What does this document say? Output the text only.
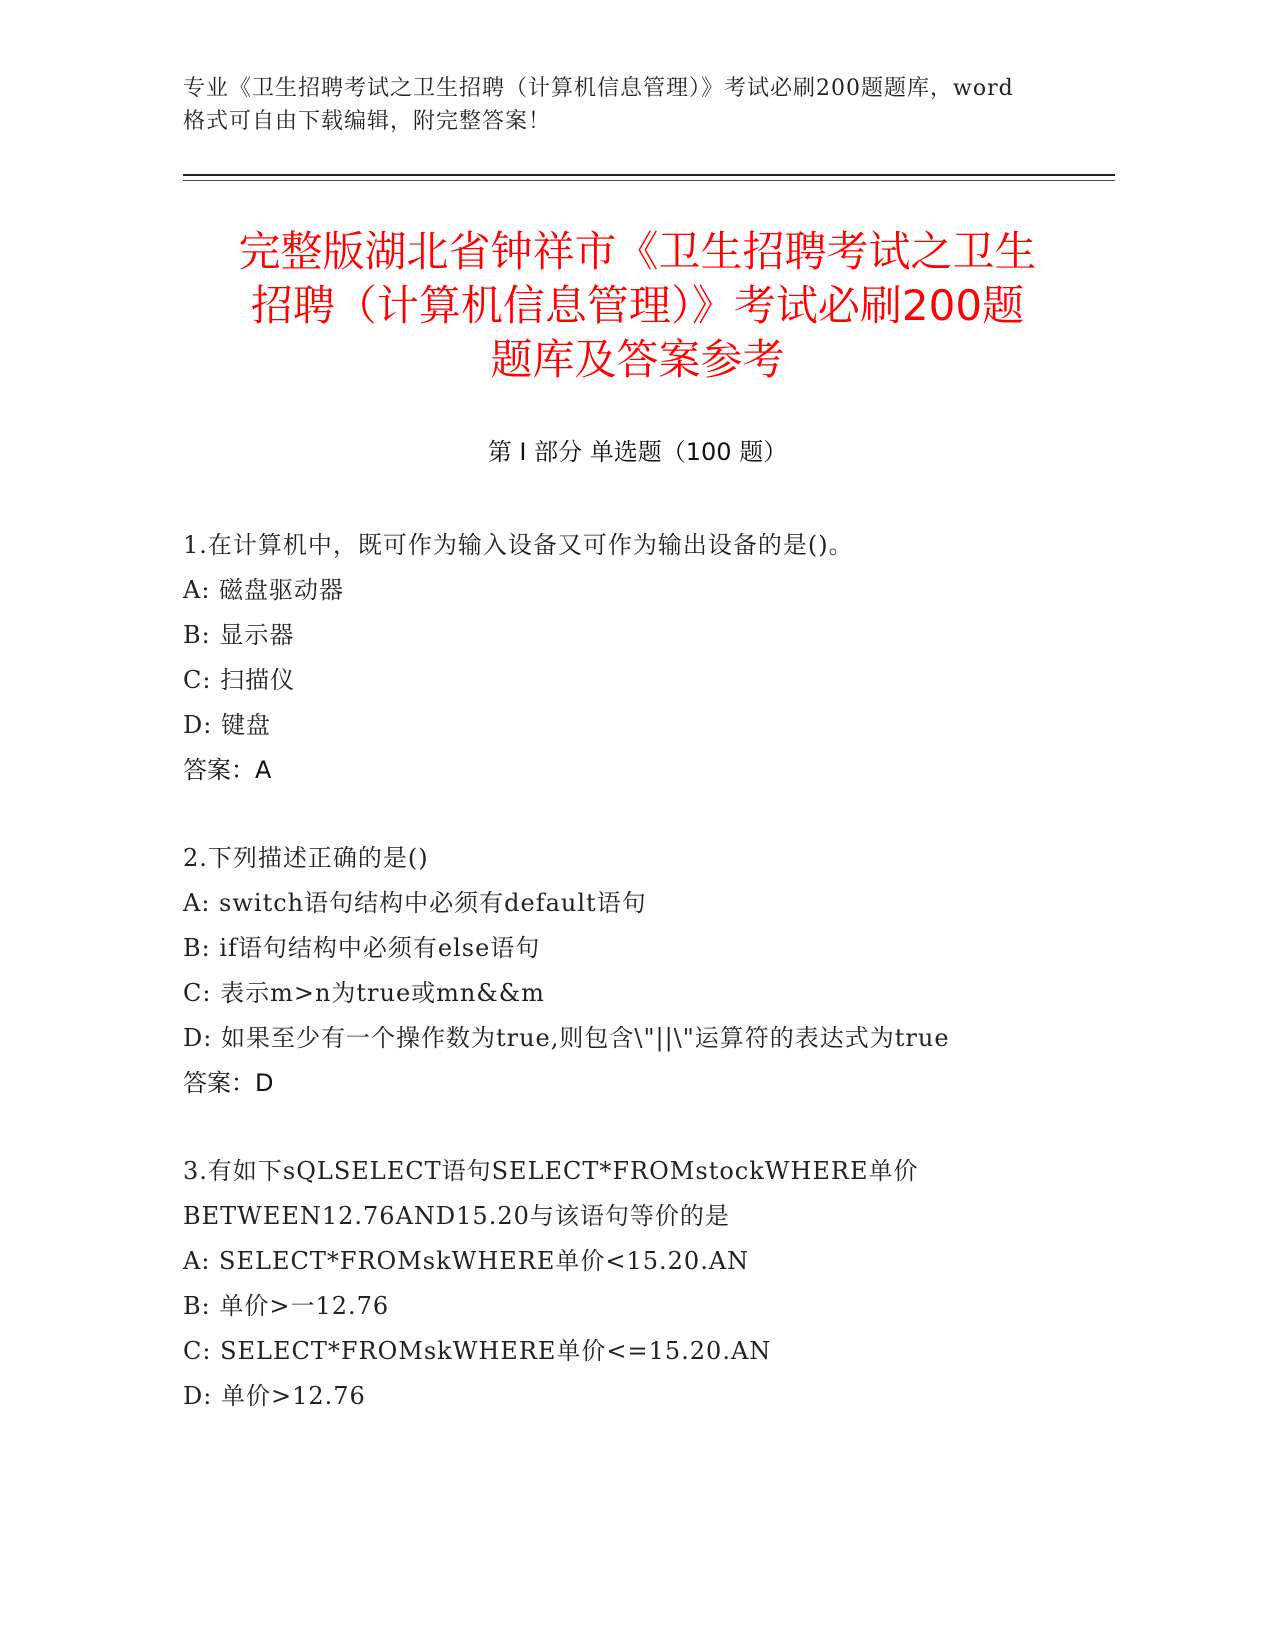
专业《卫生招聘考试之卫生招聘（计算机信息管理）》考试必刷200题题库，word
格式可自由下载编辑，附完整答案！
完整版湖北省钟祥市《卫生招聘考试之卫生
招聘（计算机信息管理）》考试必刷200题
题库及答案参考
第 I 部分 单选题（100 题）
1.在计算机中，既可作为输入设备又可作为输出设备的是()。
A: 磁盘驱动器
B: 显示器
C: 扫描仪
D: 键盘
答案：A
2.下列描述正确的是()
A: switch语句结构中必须有default语句
B: if语句结构中必须有else语句
C: 表示m>n为true或mn&&m
D: 如果至少有一个操作数为true,则包含\"||\"运算符的表达式为true
答案：D
3.有如下sQLSELECT语句SELECT*FROMstockWHERE单价
BETWEEN12.76AND15.20与该语句等价的是
A: SELECT*FROMskWHERE单价<15.20.AN
B: 单价>一12.76
C: SELECT*FROMskWHERE单价<=15.20.AN
D: 单价>12.76
